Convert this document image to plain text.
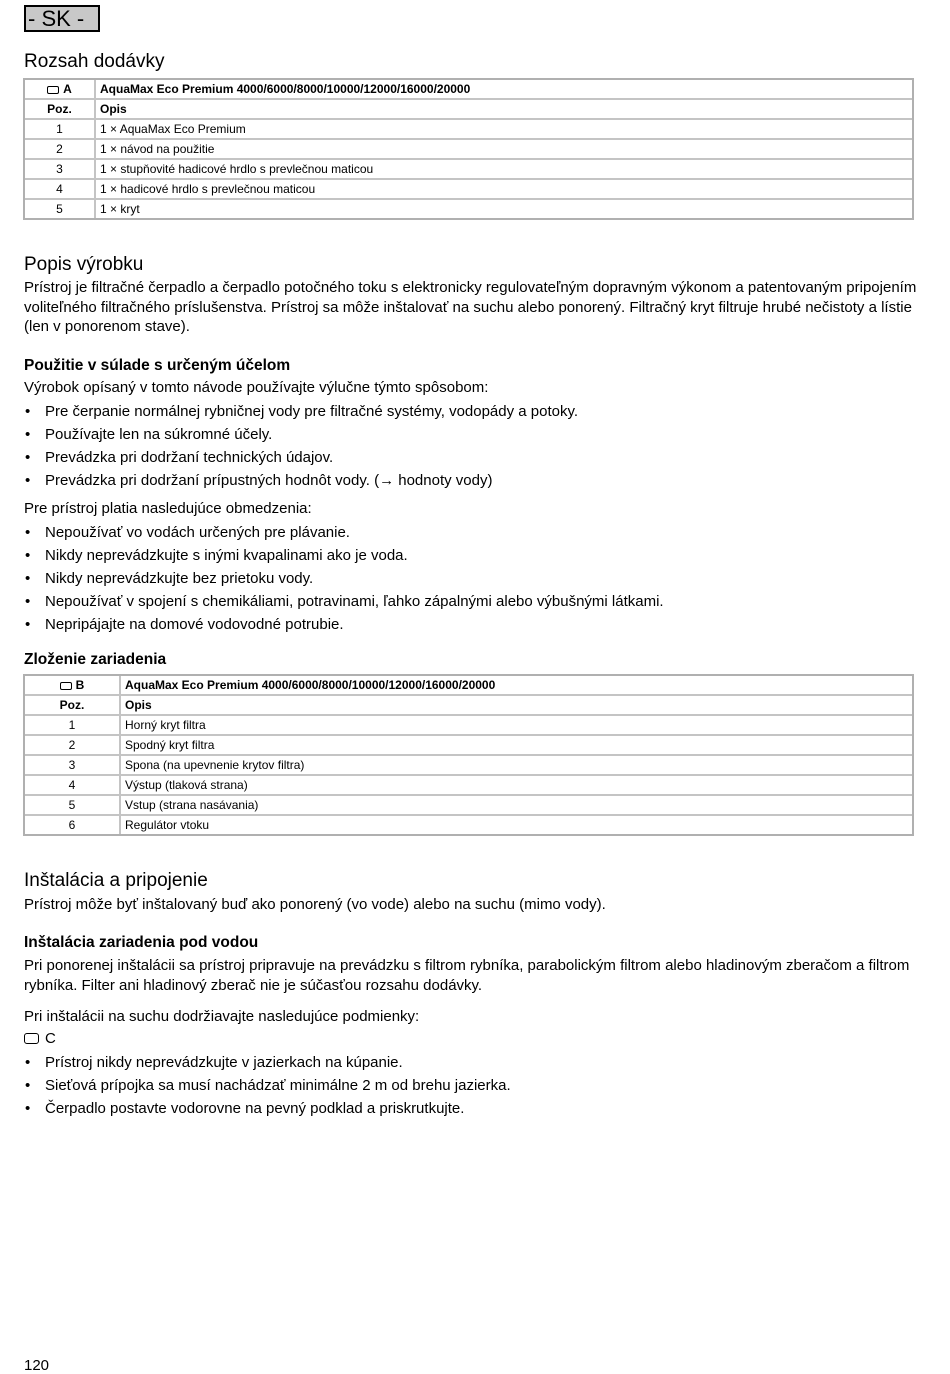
- SK -
Rozsah dodávky
A	AquaMax Eco Premium 4000/6000/8000/10000/12000/16000/20000
Poz.	Opis
1	1 × AquaMax Eco Premium
2	1 × návod na použitie
3	1 × stupňovité hadicové hrdlo s prevlečnou maticou
4	1 × hadicové hrdlo s prevlečnou maticou
5	1 × kryt
Popis výrobku
Prístroj je filtračné čerpadlo a čerpadlo potočného toku s elektronicky regulovateľným dopravným výkonom a patentovaným pripojením voliteľného filtračného príslušenstva. Prístroj sa môže inštalovať na suchu alebo ponorený. Filtračný kryt filtruje hrubé nečistoty a lístie (len v ponorenom stave).
Použitie v súlade s určeným účelom
Výrobok opísaný v tomto návode používajte výlučne týmto spôsobom:
• Pre čerpanie normálnej rybničnej vody pre filtračné systémy, vodopády a potoky.
• Používajte len na súkromné účely.
• Prevádzka pri dodržaní technických údajov.
• Prevádzka pri dodržaní prípustných hodnôt vody. (→ hodnoty vody)
Pre prístroj platia nasledujúce obmedzenia:
• Nepoužívať vo vodách určených pre plávanie.
• Nikdy neprevádzkujte s inými kvapalinami ako je voda.
• Nikdy neprevádzkujte bez prietoku vody.
• Nepoužívať v spojení s chemikáliami, potravinami, ľahko zápalnými alebo výbušnými látkami.
• Nepripájajte na domové vodovodné potrubie.
Zloženie zariadenia
B	AquaMax Eco Premium 4000/6000/8000/10000/12000/16000/20000
Poz.	Opis
1	Horný kryt filtra
2	Spodný kryt filtra
3	Spona (na upevnenie krytov filtra)
4	Výstup (tlaková strana)
5	Vstup (strana nasávania)
6	Regulátor vtoku
Inštalácia a pripojenie
Prístroj môže byť inštalovaný buď ako ponorený (vo vode) alebo na suchu (mimo vody).
Inštalácia zariadenia pod vodou
Pri ponorenej inštalácii sa prístroj pripravuje na prevádzku s filtrom rybníka, parabolickým filtrom alebo hladinovým zberačom a filtrom rybníka. Filter ani hladinový zberač nie je súčasťou rozsahu dodávky.
Pri inštalácii na suchu dodržiavajte nasledujúce podmienky:
C
• Prístroj nikdy neprevádzkujte v jazierkach na kúpanie.
• Sieťová prípojka sa musí nachádzať minimálne 2 m od brehu jazierka.
• Čerpadlo postavte vodorovne na pevný podklad a priskrutkujte.
120
